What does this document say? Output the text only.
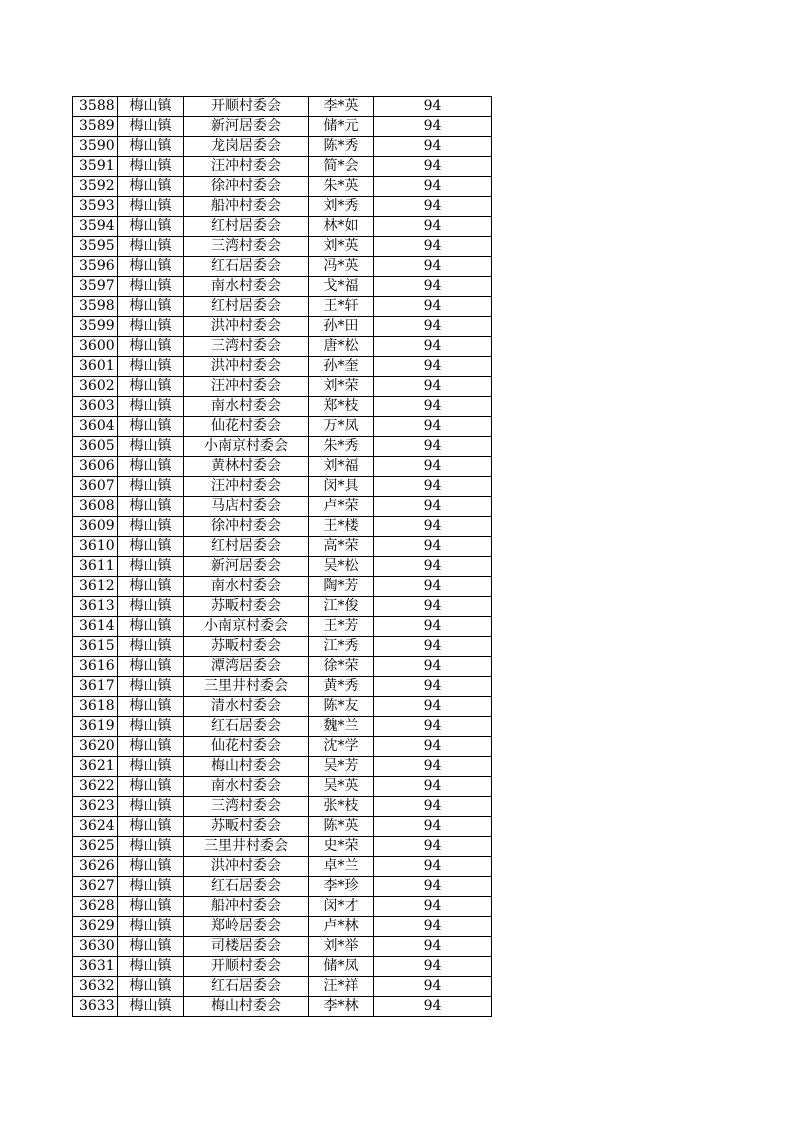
3588	梅山镇	开顺村委会	李*英	94
3589	梅山镇	新河居委会	储*元	94
3590	梅山镇	龙岗居委会	陈*秀	94
3591	梅山镇	汪冲村委会	简*会	94
3592	梅山镇	徐冲村委会	朱*英	94
3593	梅山镇	船冲村委会	刘*秀	94
3594	梅山镇	红村居委会	林*如	94
3595	梅山镇	三湾村委会	刘*英	94
3596	梅山镇	红石居委会	冯*英	94
3597	梅山镇	南水村委会	戈*福	94
3598	梅山镇	红村居委会	王*轩	94
3599	梅山镇	洪冲村委会	孙*田	94
3600	梅山镇	三湾村委会	唐*松	94
3601	梅山镇	洪冲村委会	孙*奎	94
3602	梅山镇	汪冲村委会	刘*荣	94
3603	梅山镇	南水村委会	郑*枝	94
3604	梅山镇	仙花村委会	万*凤	94
3605	梅山镇	小南京村委会	朱*秀	94
3606	梅山镇	黄林村委会	刘*福	94
3607	梅山镇	汪冲村委会	闵*具	94
3608	梅山镇	马店村委会	卢*荣	94
3609	梅山镇	徐冲村委会	王*楼	94
3610	梅山镇	红村居委会	高*荣	94
3611	梅山镇	新河居委会	吴*松	94
3612	梅山镇	南水村委会	陶*芳	94
3613	梅山镇	苏畈村委会	江*俊	94
3614	梅山镇	小南京村委会	王*芳	94
3615	梅山镇	苏畈村委会	江*秀	94
3616	梅山镇	潭湾居委会	徐*荣	94
3617	梅山镇	三里井村委会	黄*秀	94
3618	梅山镇	清水村委会	陈*友	94
3619	梅山镇	红石居委会	魏*兰	94
3620	梅山镇	仙花村委会	沈*学	94
3621	梅山镇	梅山村委会	吴*芳	94
3622	梅山镇	南水村委会	吴*英	94
3623	梅山镇	三湾村委会	张*枝	94
3624	梅山镇	苏畈村委会	陈*英	94
3625	梅山镇	三里井村委会	史*荣	94
3626	梅山镇	洪冲村委会	卓*兰	94
3627	梅山镇	红石居委会	李*珍	94
3628	梅山镇	船冲村委会	闵*才	94
3629	梅山镇	郑岭居委会	卢*林	94
3630	梅山镇	司楼居委会	刘*举	94
3631	梅山镇	开顺村委会	储*凤	94
3632	梅山镇	红石居委会	汪*祥	94
3633	梅山镇	梅山村委会	李*林	94
